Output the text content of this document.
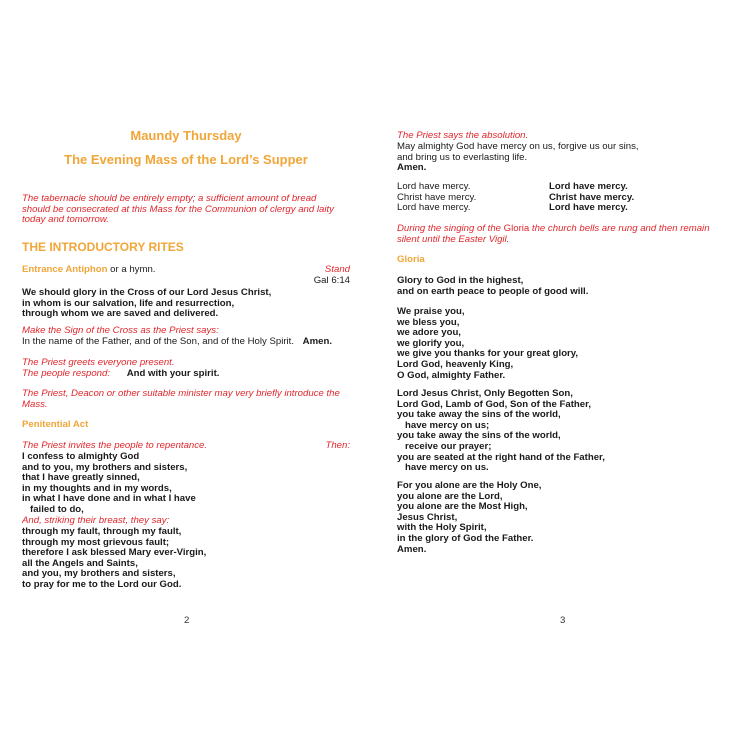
Maundy Thursday
The Evening Mass of the Lord’s Supper
The tabernacle should be entirely empty; a sufficient amount of bread
should be consecrated at this Mass for the Communion of clergy and laity
today and tomorrow.
THE INTRODUCTORY RITES
Entrance Antiphon or a hymn.	Stand
Gal 6:14
We should glory in the Cross of our Lord Jesus Christ,
in whom is our salvation, life and resurrection,
through whom we are saved and delivered.
Make the Sign of the Cross as the Priest says:
In the name of the Father, and of the Son, and of the Holy Spirit. Amen.
The Priest greets everyone present.
The people respond: And with your spirit.
The Priest, Deacon or other suitable minister may very briefly introduce the
Mass.
Penitential Act
The Priest invites the people to repentance.	Then:
I confess to almighty God
and to you, my brothers and sisters,
that I have greatly sinned,
in my thoughts and in my words,
in what I have done and in what I have
failed to do,
And, striking their breast, they say:
through my fault, through my fault,
through my most grievous fault;
therefore I ask blessed Mary ever-Virgin,
all the Angels and Saints,
and you, my brothers and sisters,
to pray for me to the Lord our God.
2
The Priest says the absolution.
May almighty God have mercy on us, forgive us our sins,
and bring us to everlasting life.
Amen.
Lord have mercy.	Lord have mercy.
Christ have mercy.	Christ have mercy.
Lord have mercy.	Lord have mercy.
During the singing of the Gloria the church bells are rung and then remain
silent until the Easter Vigil.
Gloria
Glory to God in the highest,
and on earth peace to people of good will.
We praise you,
we bless you,
we adore you,
we glorify you,
we give you thanks for your great glory,
Lord God, heavenly King,
O God, almighty Father.
Lord Jesus Christ, Only Begotten Son,
Lord God, Lamb of God, Son of the Father,
you take away the sins of the world,
have mercy on us;
you take away the sins of the world,
receive our prayer;
you are seated at the right hand of the Father,
have mercy on us.
For you alone are the Holy One,
you alone are the Lord,
you alone are the Most High,
Jesus Christ,
with the Holy Spirit,
in the glory of God the Father.
Amen.
3
